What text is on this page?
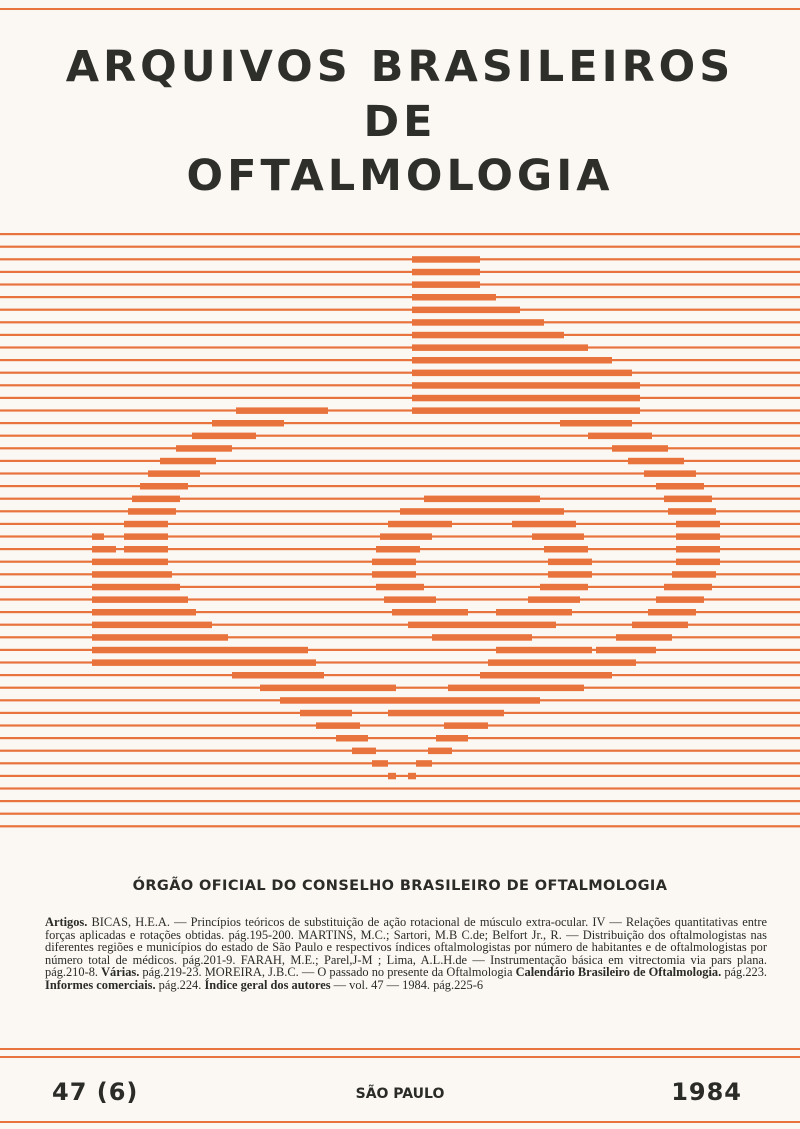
ARQUIVOS BRASILEIROS
DE
OFTALMOLOGIA
ÓRGÃO OFICIAL DO CONSELHO BRASILEIRO DE OFTALMOLOGIA
Artigos. BICAS, H.E.A. — Princípios teóricos de substituição de ação rotacional de músculo extra-ocular. IV — Relações quantitativas entre forças aplicadas e rotações obtidas. pág.195-200. MARTINS, M.C.; Sartori, M.B C.de; Belfort Jr., R. — Distribuição dos oftalmologistas nas diferentes regiões e municípios do estado de São Paulo e respectivos índices oftalmologistas por número de habitantes e de oftalmologistas por número total de médicos. pág.201-9. FARAH, M.E.; Parel,J-M ; Lima, A.L.H.de — Instrumentação básica em vitrectomia via pars plana. pág.210-8. Várias. pág.219-23. MOREIRA, J.B.C. — O passado no presente da Oftalmologia Calendário Brasileiro de Oftalmologia. pág.223. Informes comerciais. pág.224. Índice geral dos autores — vol. 47 — 1984. pág.225-6
47 (6)	SÃO PAULO	1984
